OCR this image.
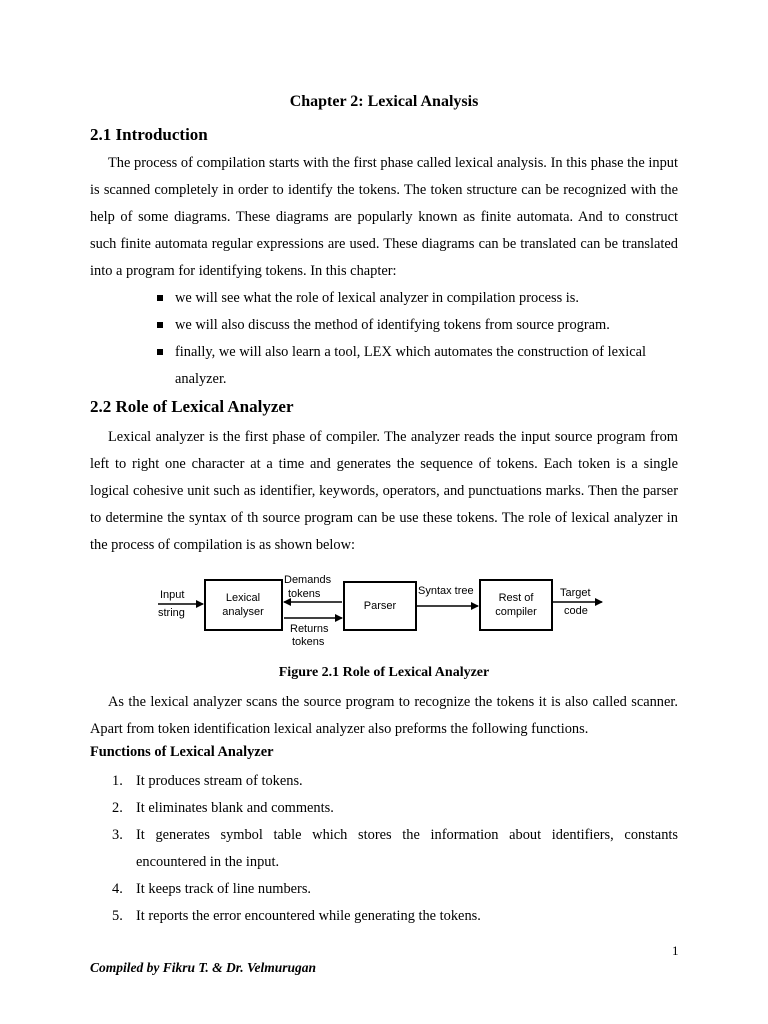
Chapter 2: Lexical Analysis
2.1 Introduction

The process of compilation starts with the first phase called lexical analysis. In this phase the input is scanned completely in order to identify the tokens. The token structure can be recognized with the help of some diagrams. These diagrams are popularly known as finite automata. And to construct such finite automata regular expressions are used. These diagrams can be translated can be translated into a program for identifying tokens. In this chapter:

we will see what the role of lexical analyzer in compilation process is.
we will also discuss the method of identifying tokens from source program.
finally, we will also learn a tool, LEX which automates the construction of lexical analyzer.
2.2 Role of Lexical Analyzer

Lexical analyzer is the first phase of compiler. The analyzer reads the input source program from left to right one character at a time and generates the sequence of tokens. Each token is a single logical cohesive unit such as identifier, keywords, operators, and punctuations marks. Then the parser to determine the syntax of th source program can be use these tokens. The role of lexical analyzer in the process of compilation is as shown below:

Input
string
Lexical
analyser
Demands
tokens
Returns
tokens
Parser
Syntax tree
Rest of
compiler
Target
code
Figure 2.1 Role of Lexical Analyzer

As the lexical analyzer scans the source program to recognize the tokens it is also called scanner. Apart from token identification lexical analyzer also preforms the following functions.

Functions of Lexical Analyzer
1. It produces stream of tokens.
2. It eliminates blank and comments.
3. It generates symbol table which stores the information about identifiers, constants encountered in the input.
4. It keeps track of line numbers.
5. It reports the error encountered while generating the tokens.
1
Compiled by Fikru T. & Dr. Velmurugan
